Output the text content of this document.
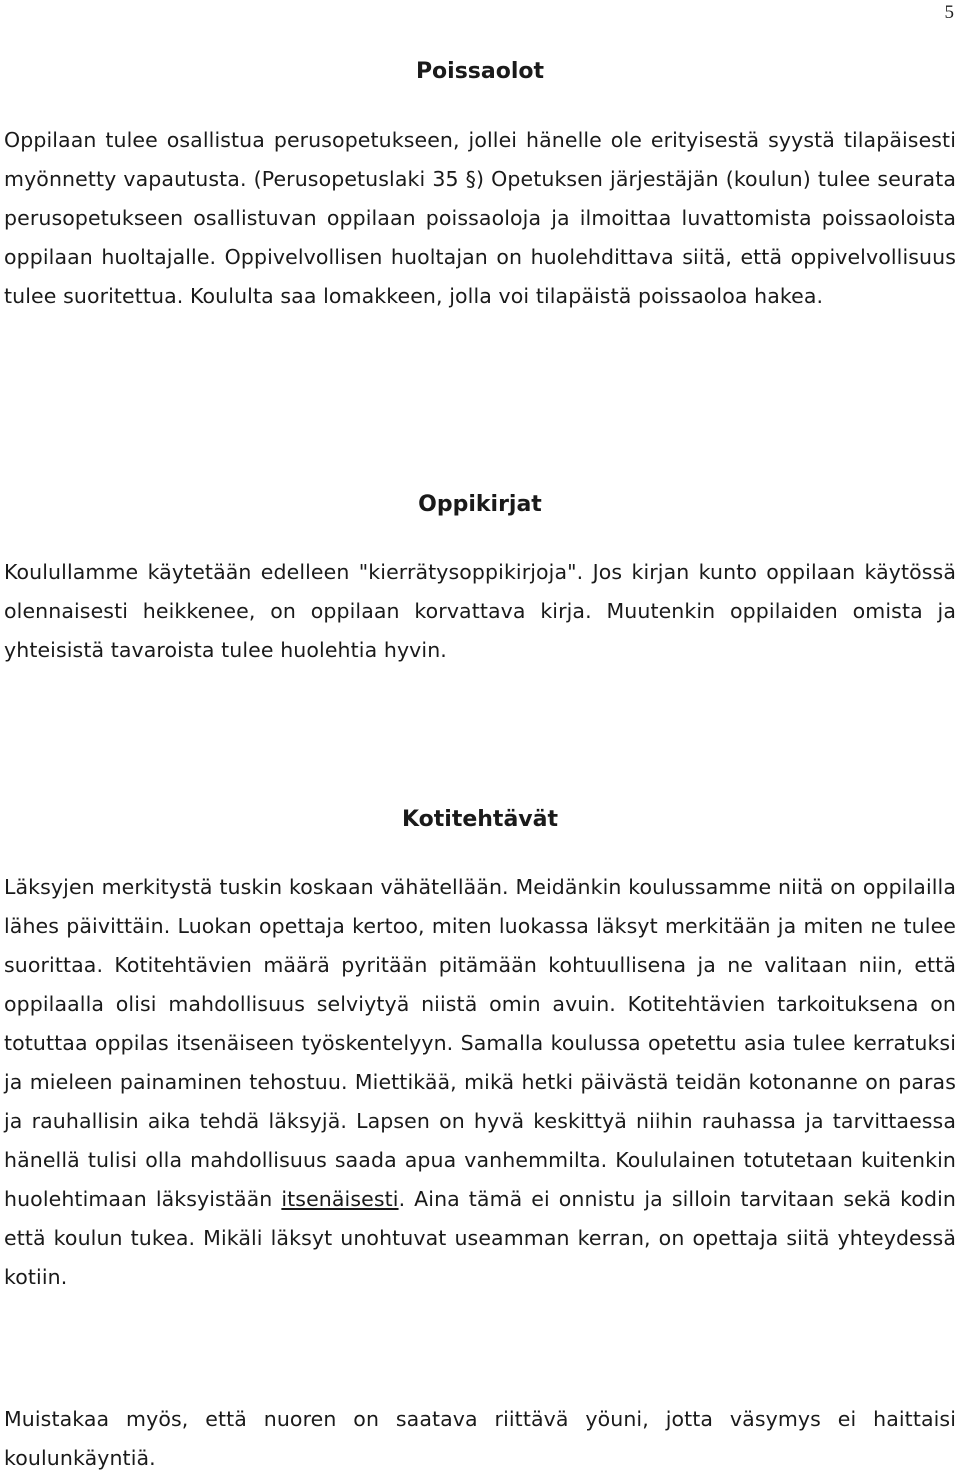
5
Poissaolot

Oppilaan tulee osallistua perusopetukseen, jollei hänelle ole erityisestä syystä tilapäisesti myönnetty vapautusta. (Perusopetuslaki 35 §) Opetuksen järjestäjän (koulun) tulee seurata perusopetukseen osallistuvan oppilaan poissaoloja ja ilmoittaa luvattomista poissaoloista oppilaan huoltajalle. Oppivelvollisen huoltajan on huolehdittava siitä, että oppivelvollisuus tulee suoritettua. Koululta saa lomakkeen, jolla voi tilapäistä poissaoloa hakea.

Oppikirjat

Koulullamme käytetään edelleen "kierrätysoppikirjoja". Jos kirjan kunto oppilaan käytössä olennaisesti heikkenee, on oppilaan korvattava kirja. Muutenkin oppilaiden omista ja yhteisistä tavaroista tulee huolehtia hyvin.

Kotitehtävät

Läksyjen merkitystä tuskin koskaan vähätellään. Meidänkin koulussamme niitä on oppilailla lähes päivittäin. Luokan opettaja kertoo, miten luokassa läksyt merkitään ja miten ne tulee suorittaa. Kotitehtävien määrä pyritään pitämään kohtuullisena ja ne valitaan niin, että oppilaalla olisi mahdollisuus selviytyä niistä omin avuin. Kotitehtävien tarkoituksena on totuttaa oppilas itsenäiseen työskentelyyn. Samalla koulussa opetettu asia tulee kerratuksi ja mieleen painaminen tehostuu. Miettikää, mikä hetki päivästä teidän kotonanne on paras ja rauhallisin aika tehdä läksyjä. Lapsen on hyvä keskittyä niihin rauhassa ja tarvittaessa hänellä tulisi olla mahdollisuus saada apua vanhemmilta. Koululainen totutetaan kuitenkin huolehtimaan läksyistään itsenäisesti. Aina tämä ei onnistu ja silloin tarvitaan sekä kodin että koulun tukea. Mikäli läksyt unohtuvat useamman kerran, on opettaja siitä yhteydessä kotiin.

Muistakaa myös, että nuoren on saatava riittävä yöuni, jotta väsymys ei haittaisi koulunkäyntiä.
